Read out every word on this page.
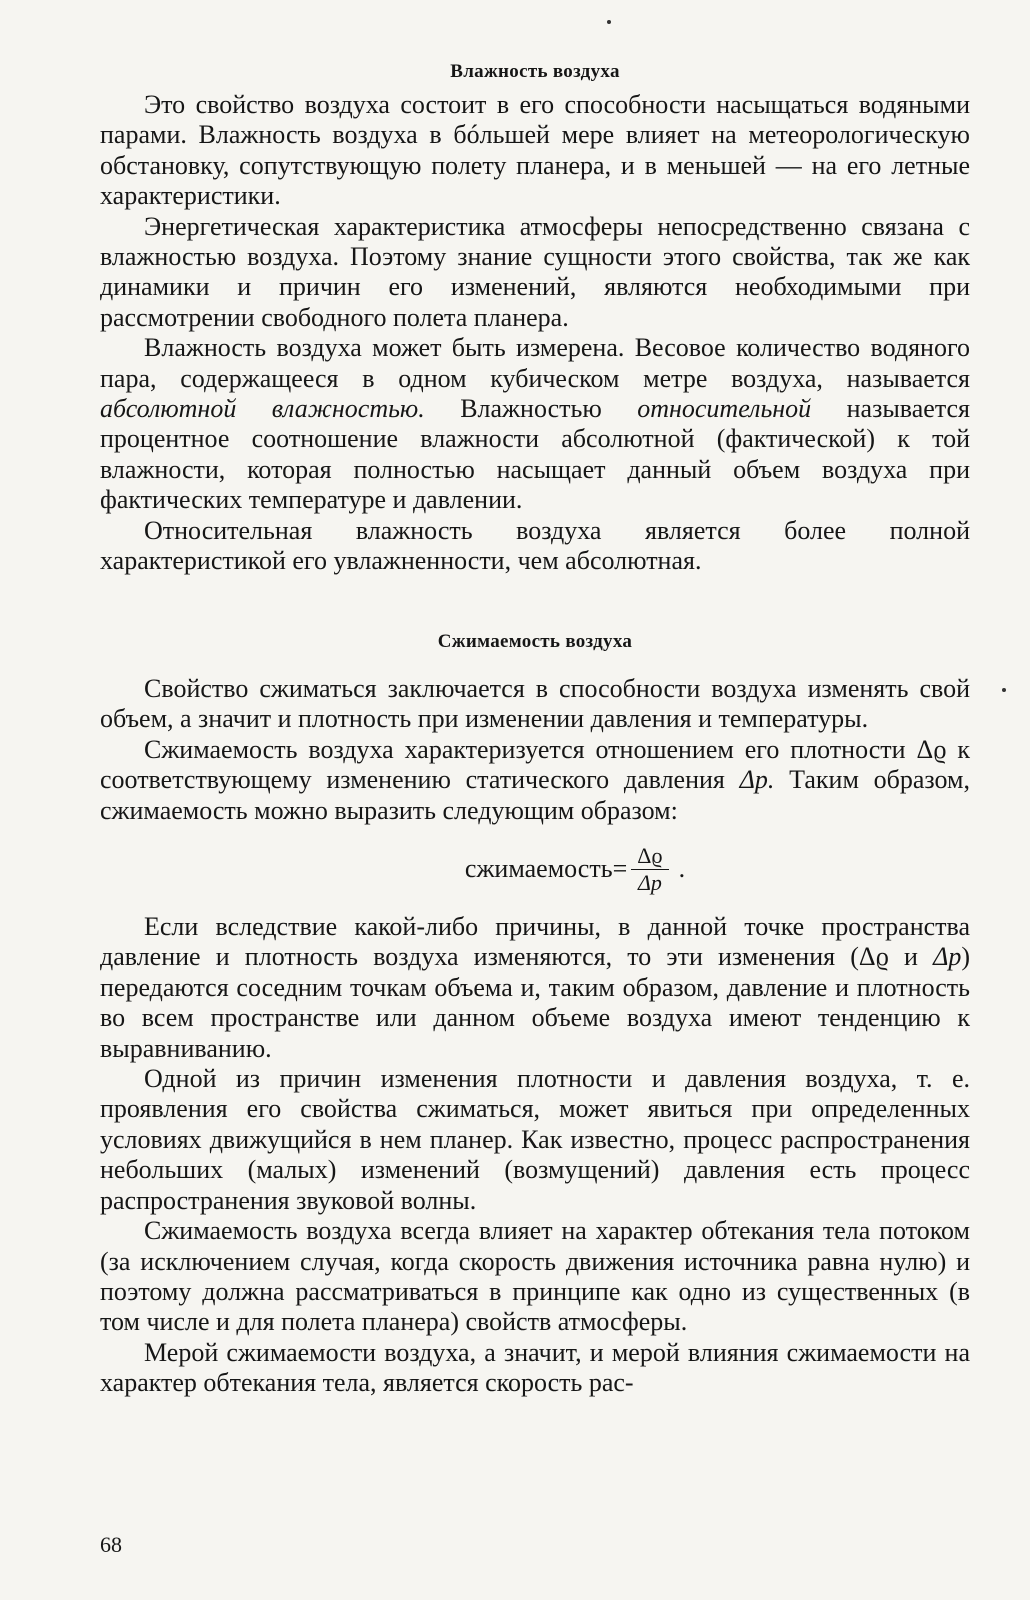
Влажность воздуха

Это свойство воздуха состоит в его способности насыщаться водяными парами. Влажность воздуха в бóльшей мере влияет на метеорологическую обстановку, сопутствующую полету планера, и в меньшей — на его летные характеристики.

Энергетическая характеристика атмосферы непосредственно связана с влажностью воздуха. Поэтому знание сущности этого свойства, так же как динамики и причин его изменений, являются необходимыми при рассмотрении свободного полета планера.

Влажность воздуха может быть измерена. Весовое количество водяного пара, содержащееся в одном кубическом метре воздуха, называется абсолютной влажностью. Влажностью относительной называется процентное соотношение влажности абсолютной (фактической) к той влажности, которая полностью насыщает данный объем воздуха при фактических температуре и давлении.

Относительная влажность воздуха является более полной характеристикой его увлажненности, чем абсолютная.

Сжимаемость воздуха

Свойство сжиматься заключается в способности воздуха изменять свой объем, а значит и плотность при изменении давления и температуры.

Сжимаемость воздуха характеризуется отношением его плотности Δϱ к соответствующему изменению статического давления Δp. Таким образом, сжимаемость можно выразить следующим образом:

сжимаемость = $\frac{\Delta ϱ}{\Delta p}$ .

Если вследствие какой-либо причины, в данной точке пространства давление и плотность воздуха изменяются, то эти изменения (Δϱ и Δp) передаются соседним точкам объема и, таким образом, давление и плотность во всем пространстве или данном объеме воздуха имеют тенденцию к выравниванию.

Одной из причин изменения плотности и давления воздуха, т. е. проявления его свойства сжиматься, может явиться при определенных условиях движущийся в нем планер. Как известно, процесс распространения небольших (малых) изменений (возмущений) давления есть процесс распространения звуковой волны.

Сжимаемость воздуха всегда влияет на характер обтекания тела потоком (за исключением случая, когда скорость движения источника равна нулю) и поэтому должна рассматриваться в принципе как одно из существенных (в том числе и для полета планера) свойств атмосферы.

Мерой сжимаемости воздуха, а значит, и мерой влияния сжимаемости на характер обтекания тела, является скорость рас-

68
